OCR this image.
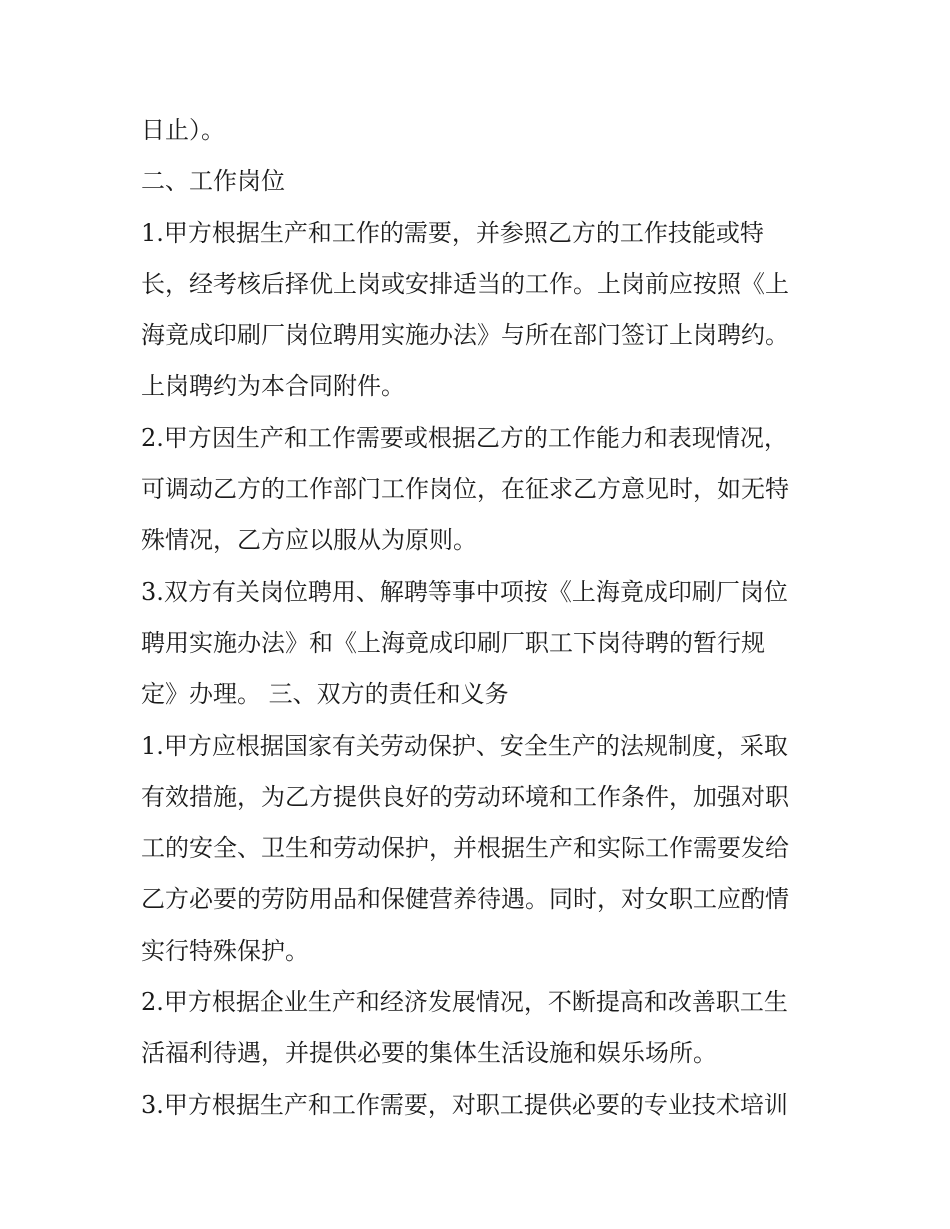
日止）。
二、工作岗位
1.甲方根据生产和工作的需要，并参照乙方的工作技能或特
长，经考核后择优上岗或安排适当的工作。上岗前应按照《上
海竟成印刷厂岗位聘用实施办法》与所在部门签订上岗聘约。
上岗聘约为本合同附件。
2.甲方因生产和工作需要或根据乙方的工作能力和表现情况，
可调动乙方的工作部门工作岗位，在征求乙方意见时，如无特
殊情况，乙方应以服从为原则。
3.双方有关岗位聘用、解聘等事中项按《上海竟成印刷厂岗位
聘用实施办法》和《上海竟成印刷厂职工下岗待聘的暂行规
定》办理。 三、双方的责任和义务
1.甲方应根据国家有关劳动保护、安全生产的法规制度，采取
有效措施，为乙方提供良好的劳动环境和工作条件，加强对职
工的安全、卫生和劳动保护，并根据生产和实际工作需要发给
乙方必要的劳防用品和保健营养待遇。同时，对女职工应酌情
实行特殊保护。
2.甲方根据企业生产和经济发展情况，不断提高和改善职工生
活福利待遇，并提供必要的集体生活设施和娱乐场所。
3.甲方根据生产和工作需要，对职工提供必要的专业技术培训
